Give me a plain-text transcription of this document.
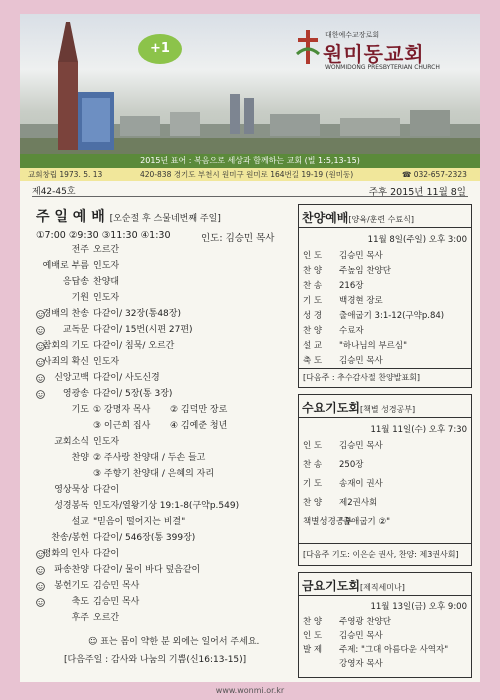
+1
대한예수교장로회
원미동교회
WONMIDONG PRESBYTERIAN CHURCH
2015년 표어 : 복음으로 세상과 함께하는 교회 (빌 1:5,13-15)
교회창립 1973. 5. 13	420-838 경기도 부천시 원미구 원미로 164번길 19-19 (원미동)	☎ 032-657-2323
제42-45호	주후 2015년 11월 8일
주 일 예 배 [오순절 후 스물네번째 주일]
①7:00 ②9:30 ③11:30 ④1:30	인도: 김승민 목사
전주 오르간
예배로 부름 인도자
응답송 찬양대
기원 인도자
경배의 찬송 다같이/ 32장(통48장)
교독문 다같이/ 15번(시편 27편)
참회의 기도 다같이/ 침묵/ 오르간
사죄의 확신 인도자
신앙고백 다같이/ 사도신경
영광송 다같이/ 5장(통 3장)
기도 ① 강명자 목사 ② 김덕만 장로
③ 이근희 집사 ④ 김예준 청년
교회소식 인도자
찬양 ② 주사랑 찬양대 / 두손 들고
③ 주향기 찬양대 / 은혜의 자리
영상묵상 다같이
성경봉독 인도자/열왕기상 19:1-8(구약p.549)
설교 "믿음이 떨어지는 비결"
찬송/봉헌 다같이/ 546장(통 399장)
평화의 인사 다같이
파송찬양 다같이/ 물이 바다 덮음같이
봉헌기도 김승민 목사
축도 김승민 목사
후주 오르간
☺ 표는 몸이 약한 분 외에는 일어서 주세요.
[다음주일 : 감사와 나눔의 기쁨(신16:13-15)]
찬양예배[양육/훈련 수료식]
11월 8일(주일) 오후 3:00
인 도 김승민 목사
찬 양 주높임 찬양단
찬 송 216장
기 도 백경현 장로
성 경 출애굽기 3:1-12(구약p.84)
찬 양 수료자
설 교 "하나님의 부르심"
축 도 김승민 목사
[다음주 : 추수감사절 찬양발표회]
수요기도회[책별 성경공부]
11월 11일(수) 오후 7:30
인 도 김승민 목사
찬 송 250장
기 도 송재이 권사
찬 양 제2권사회
책별성경공부"출애굽기 ②"
[다음주 기도: 이은순 권사, 찬양: 제3권사회]
금요기도회[제직세미나]
11월 13일(금) 오후 9:00
찬 양 주영광 찬양단
인 도 김승민 목사
발 제 주제: "그대 아름다운 사역자"
강영자 목사
www.wonmi.or.kr
